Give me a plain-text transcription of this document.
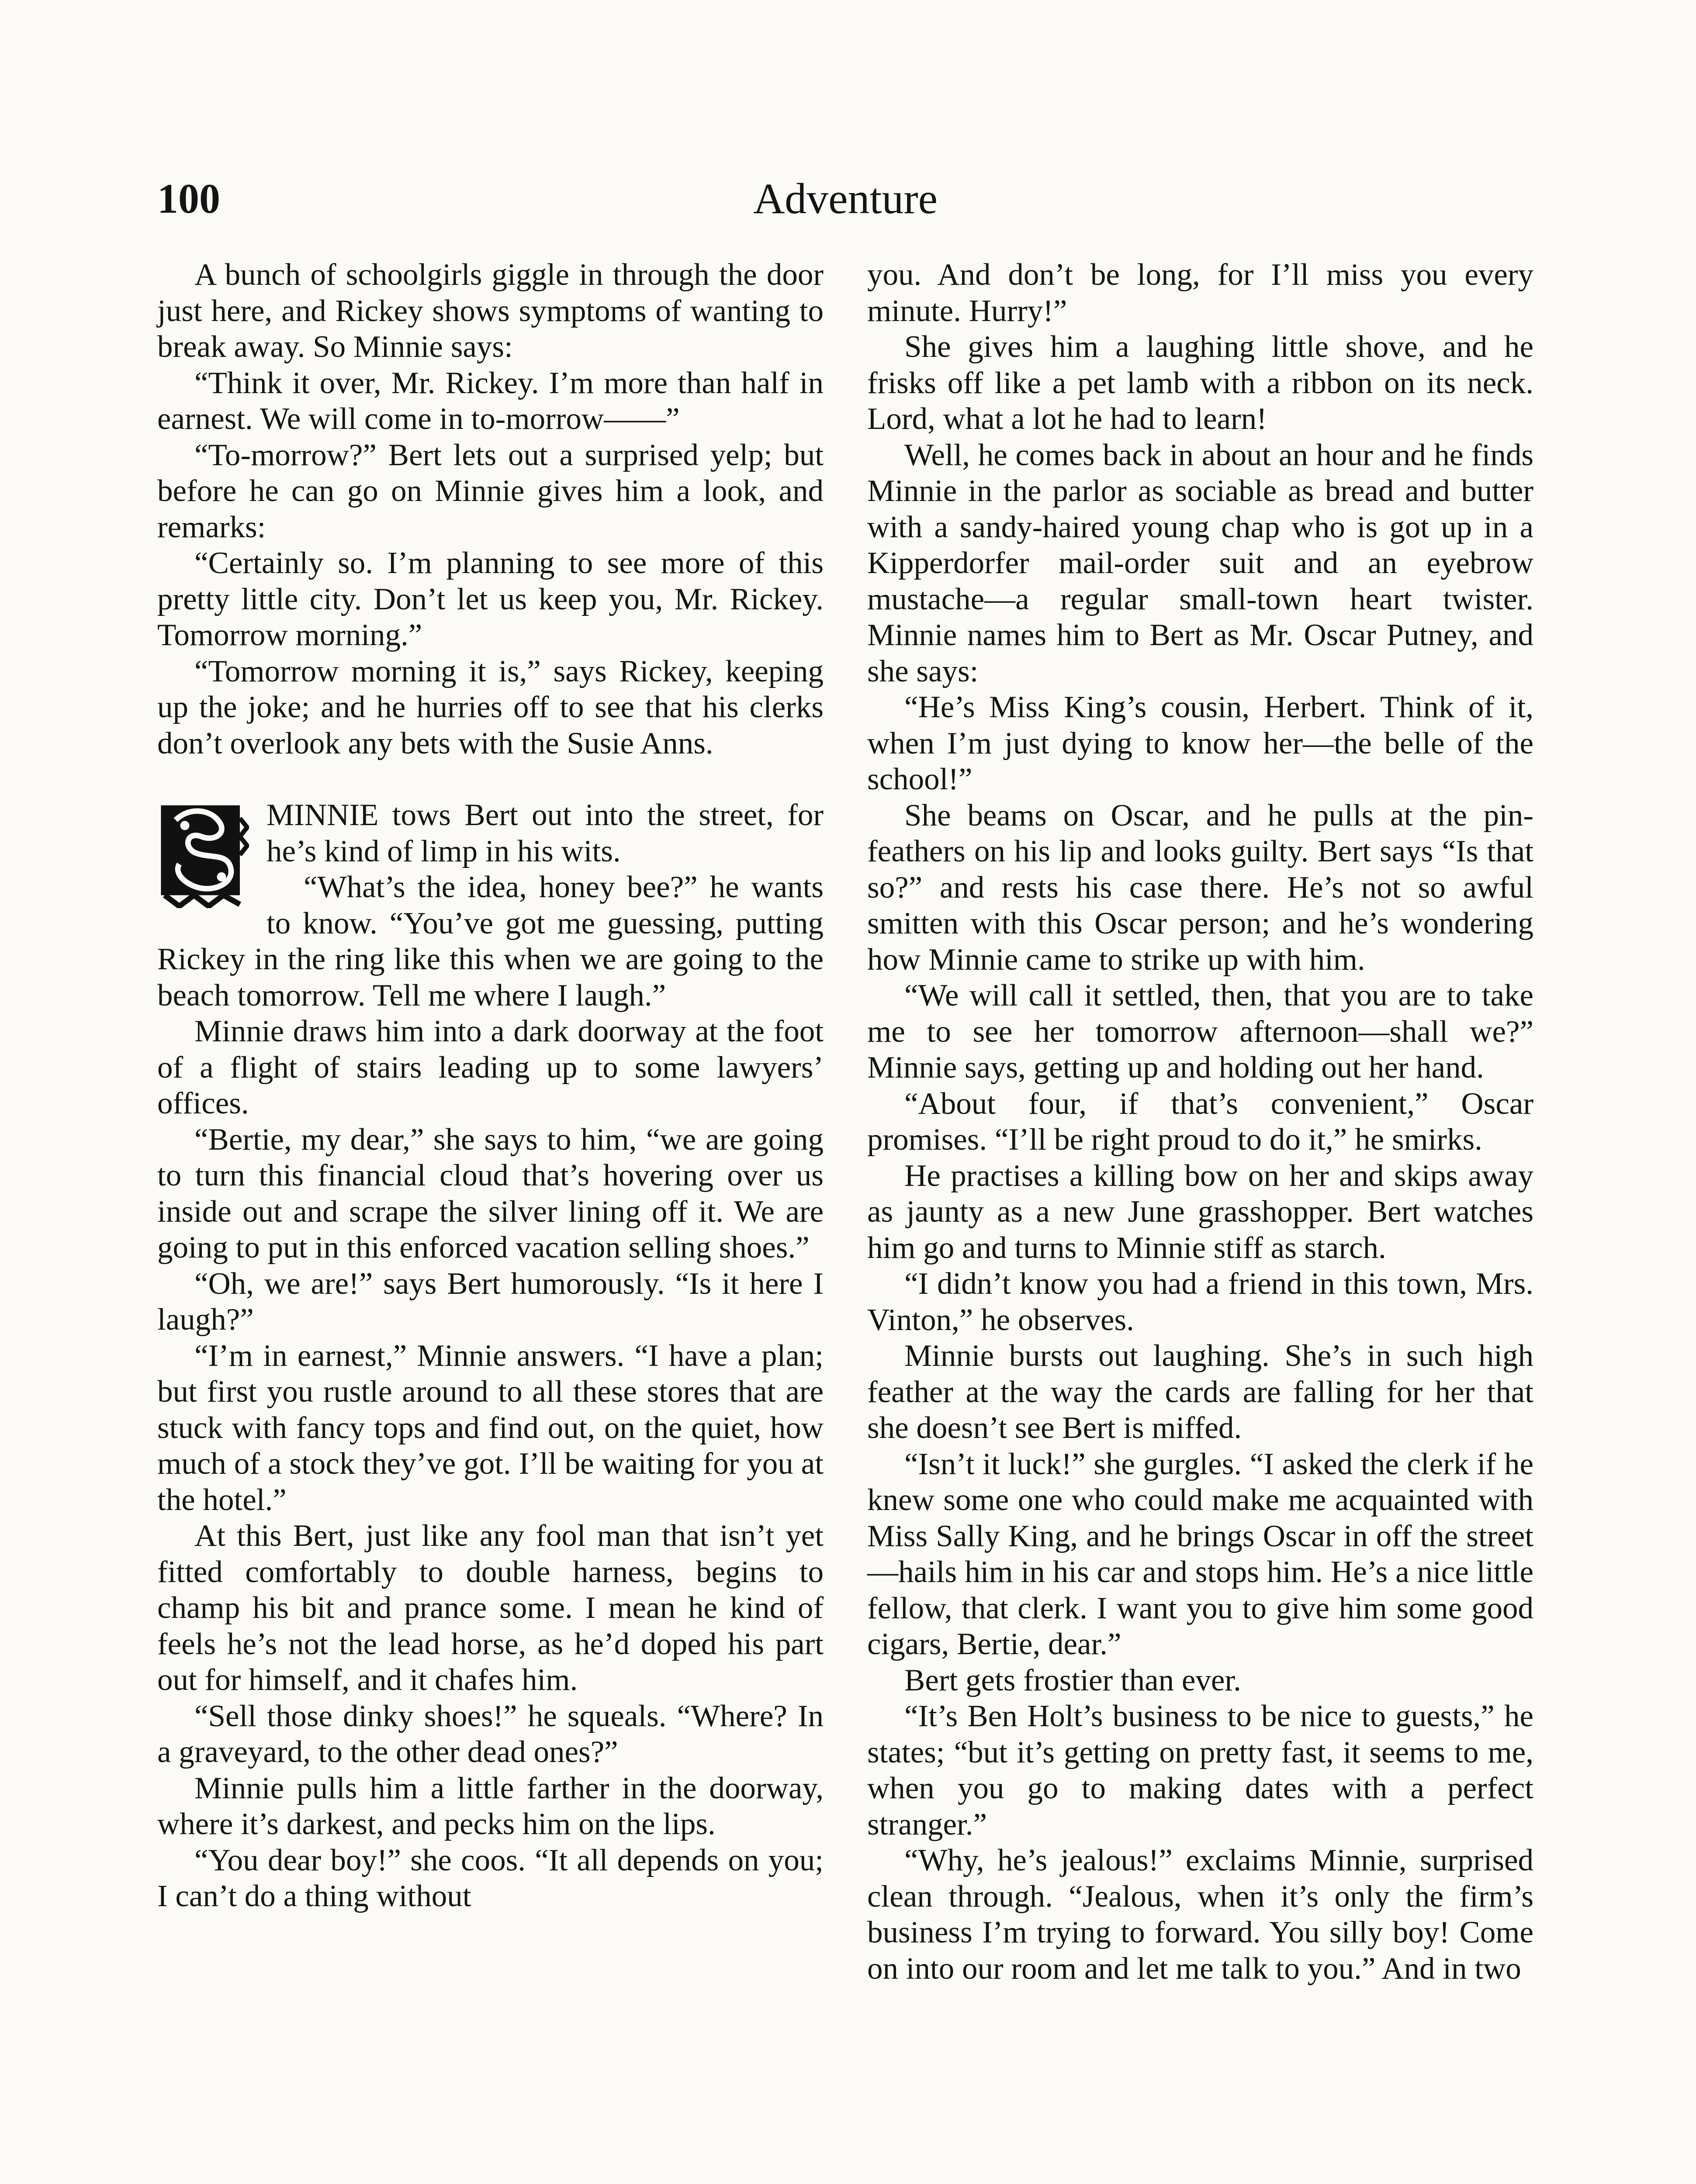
100	Adventure

A bunch of schoolgirls giggle in through the door just here, and Rickey shows symptoms of wanting to break away. So Minnie says:

“Think it over, Mr. Rickey. I’m more than half in earnest. We will come in to-morrow——”

“To-morrow?” Bert lets out a surprised yelp; but before he can go on Minnie gives him a look, and remarks:

“Certainly so. I’m planning to see more of this pretty little city. Don’t let us keep you, Mr. Rickey. Tomorrow morning.”

“Tomorrow morning it is,” says Rickey, keeping up the joke; and he hurries off to see that his clerks don’t overlook any bets with the Susie Anns.

MINNIE tows Bert out into the street, for he’s kind of limp in his wits.

“What’s the idea, honey bee?” he wants to know. “You’ve got me guessing, putting Rickey in the ring like this when we are going to the beach tomorrow. Tell me where I laugh.”

Minnie draws him into a dark doorway at the foot of a flight of stairs leading up to some lawyers’ offices.

“Bertie, my dear,” she says to him, “we are going to turn this financial cloud that’s hovering over us inside out and scrape the silver lining off it. We are going to put in this enforced vacation selling shoes.”

“Oh, we are!” says Bert humorously. “Is it here I laugh?”

“I’m in earnest,” Minnie answers. “I have a plan; but first you rustle around to all these stores that are stuck with fancy tops and find out, on the quiet, how much of a stock they’ve got. I’ll be waiting for you at the hotel.”

At this Bert, just like any fool man that isn’t yet fitted comfortably to double harness, begins to champ his bit and prance some. I mean he kind of feels he’s not the lead horse, as he’d doped his part out for himself, and it chafes him.

“Sell those dinky shoes!” he squeals. “Where? In a graveyard, to the other dead ones?”

Minnie pulls him a little farther in the doorway, where it’s darkest, and pecks him on the lips.

“You dear boy!” she coos. “It all depends on you; I can’t do a thing without

you. And don’t be long, for I’ll miss you every minute. Hurry!”

She gives him a laughing little shove, and he frisks off like a pet lamb with a ribbon on its neck. Lord, what a lot he had to learn!

Well, he comes back in about an hour and he finds Minnie in the parlor as sociable as bread and butter with a sandy-haired young chap who is got up in a Kipperdorfer mail-order suit and an eyebrow mustache—a regular small-town heart twister. Minnie names him to Bert as Mr. Oscar Putney, and she says:

“He’s Miss King’s cousin, Herbert. Think of it, when I’m just dying to know her—the belle of the school!”

She beams on Oscar, and he pulls at the pin-feathers on his lip and looks guilty. Bert says “Is that so?” and rests his case there. He’s not so awful smitten with this Oscar person; and he’s wondering how Minnie came to strike up with him.

“We will call it settled, then, that you are to take me to see her tomorrow afternoon—shall we?” Minnie says, getting up and holding out her hand.

“About four, if that’s convenient,” Oscar promises. “I’ll be right proud to do it,” he smirks.

He practises a killing bow on her and skips away as jaunty as a new June grasshopper. Bert watches him go and turns to Minnie stiff as starch.

“I didn’t know you had a friend in this town, Mrs. Vinton,” he observes.

Minnie bursts out laughing. She’s in such high feather at the way the cards are falling for her that she doesn’t see Bert is miffed.

“Isn’t it luck!” she gurgles. “I asked the clerk if he knew some one who could make me acquainted with Miss Sally King, and he brings Oscar in off the street—hails him in his car and stops him. He’s a nice little fellow, that clerk. I want you to give him some good cigars, Bertie, dear.”

Bert gets frostier than ever.

“It’s Ben Holt’s business to be nice to guests,” he states; “but it’s getting on pretty fast, it seems to me, when you go to making dates with a perfect stranger.”

“Why, he’s jealous!” exclaims Minnie, surprised clean through. “Jealous, when it’s only the firm’s business I’m trying to forward. You silly boy! Come on into our room and let me talk to you.” And in two
